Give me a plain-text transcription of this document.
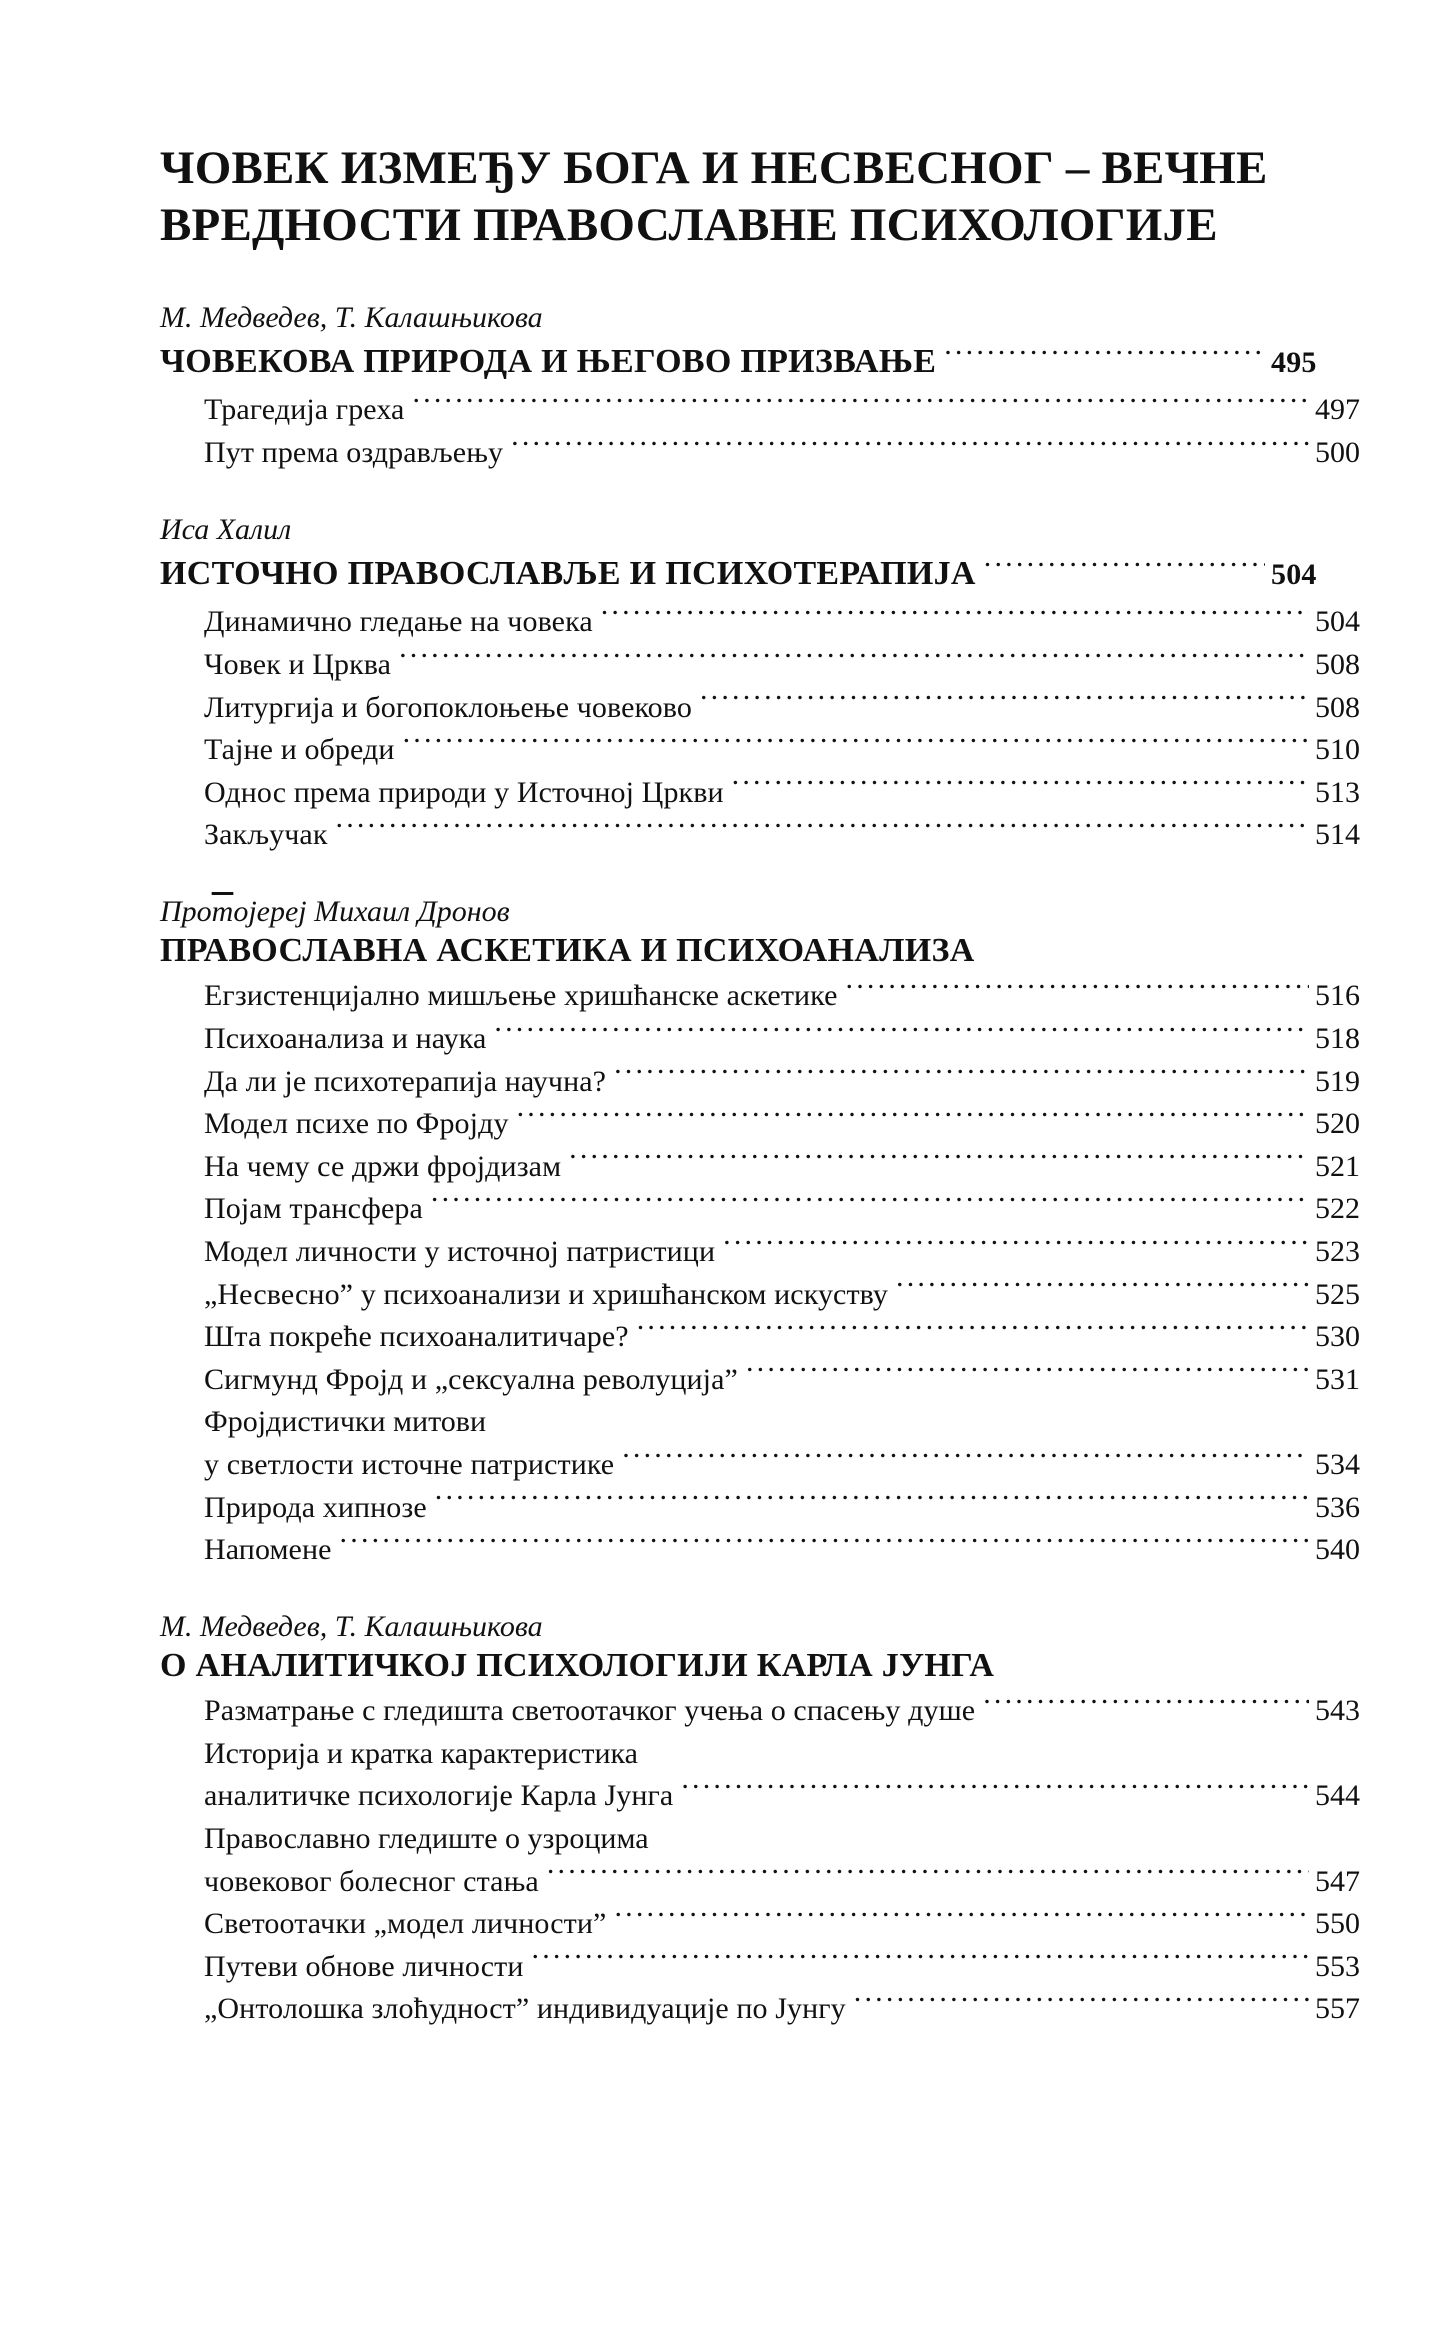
ЧОВЕК ИЗМЕЂУ БОГА И НЕСВЕСНОГ – ВЕЧНЕ
ВРЕДНОСТИ ПРАВОСЛАВНЕ ПСИХОЛОГИЈЕ
М. Медведев, Т. Калашњикова
ЧОВЕКОВА ПРИРОДА И ЊЕГОВО ПРИЗВАЊЕ .....	495
Трагедија греха .....	497
Пут према оздрављењу .....	500
Иса Халил
ИСТОЧНО ПРАВОСЛАВЉЕ И ПСИХОТЕРАПИЈА .....	504
Динамично гледање на човека .....	504
Човек и Црква .....	508
Литургија и богопоклоњење човеково .....	508
Тајне и обреди .....	510
Однос према природи у Источној Цркви .....	513
Закључак .....	514
Протојереј Михаил Дронов
ПРАВОСЛАВНА АСКЕТИКА И ПСИХОАНАЛИЗА
Егзистенцијално мишљење хришћанске аскетике .....	516
Психоанализа и наука .....	518
Да ли је психотерапија научна? .....	519
Модел психе по Фројду .....	520
На чему се држи фројдизам .....	521
Појам трансфера .....	522
Модел личности у источној патристици .....	523
„Несвесно” у психоанализи и хришћанском искуству .....	525
Шта покреће психоаналитичаре? .....	530
Сигмунд Фројд и „сексуална револуција” .....	531
Фројдистички митови
у светлости источне патристике .....	534
Природа хипнозе .....	536
Напомене .....	540
М. Медведев, Т. Калашњикова
О АНАЛИТИЧКОЈ ПСИХОЛОГИЈИ КАРЛА ЈУНГА
Разматрање с гледишта светоотачког учења о спасењу душе .....	543
Историја и кратка карактеристика
аналитичке психологије Карла Јунга .....	544
Православно гледиште о узроцима
човековог болесног стања .....	547
Светоотачки „модел личности” .....	550
Путеви обнове личности .....	553
„Онтолошка злоћудност” индивидуације по Јунгу .....	557
